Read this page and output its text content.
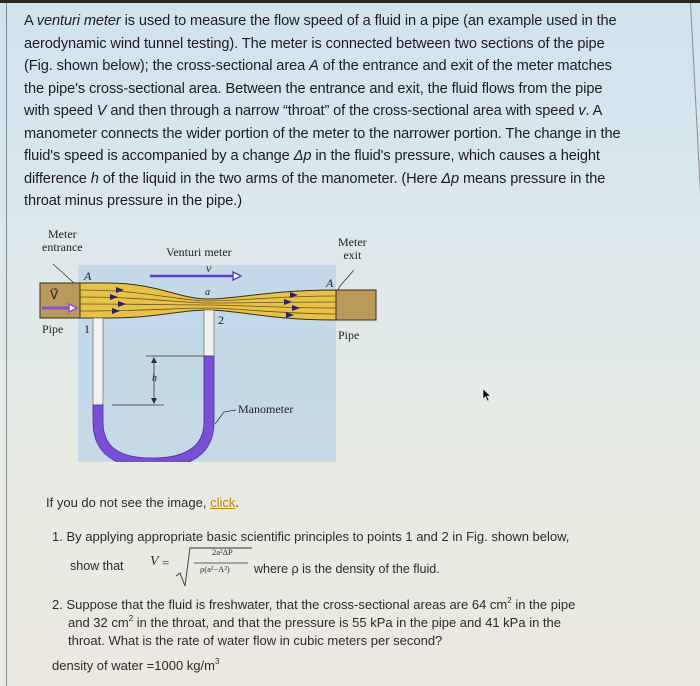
A venturi meter is used to measure the flow speed of a fluid in a pipe (an example used in the
aerodynamic wind tunnel testing). The meter is connected between two sections of the pipe
(Fig. shown below); the cross-sectional area A of the entrance and exit of the meter matches
the pipe's cross-sectional area. Between the entrance and exit, the fluid flows from the pipe
with speed V and then through a narrow “throat” of the cross-sectional area with speed v. A
manometer connects the wider portion of the meter to the narrower portion. The change in the
fluid's speed is accompanied by a change Δp in the fluid's pressure, which causes a height
difference h of the liquid in the two arms of the manometer. (Here Δp means pressure in the
throat minus pressure in the pipe.)

Meter
entrance	Venturi meter
Meter
exit
v⃗
V⃗	a
A	A
Pipe	Pipe
1
2
h
Manometer
If you do not see the image, click.
1. By applying appropriate basic scientific principles to points 1 and 2 in Fig. shown below,
show that V =
2a²ΔP
ρ(a²−A²) where ρ is the density of the fluid.
2. Suppose that the fluid is freshwater, that the cross-sectional areas are 64 $cm^2$ in the pipe
and 32 $cm^2$ in the throat, and that the pressure is 55 kPa in the pipe and 41 kPa in the
throat. What is the rate of water flow in cubic meters per second?
density of water =1000 $kg/m^3$
